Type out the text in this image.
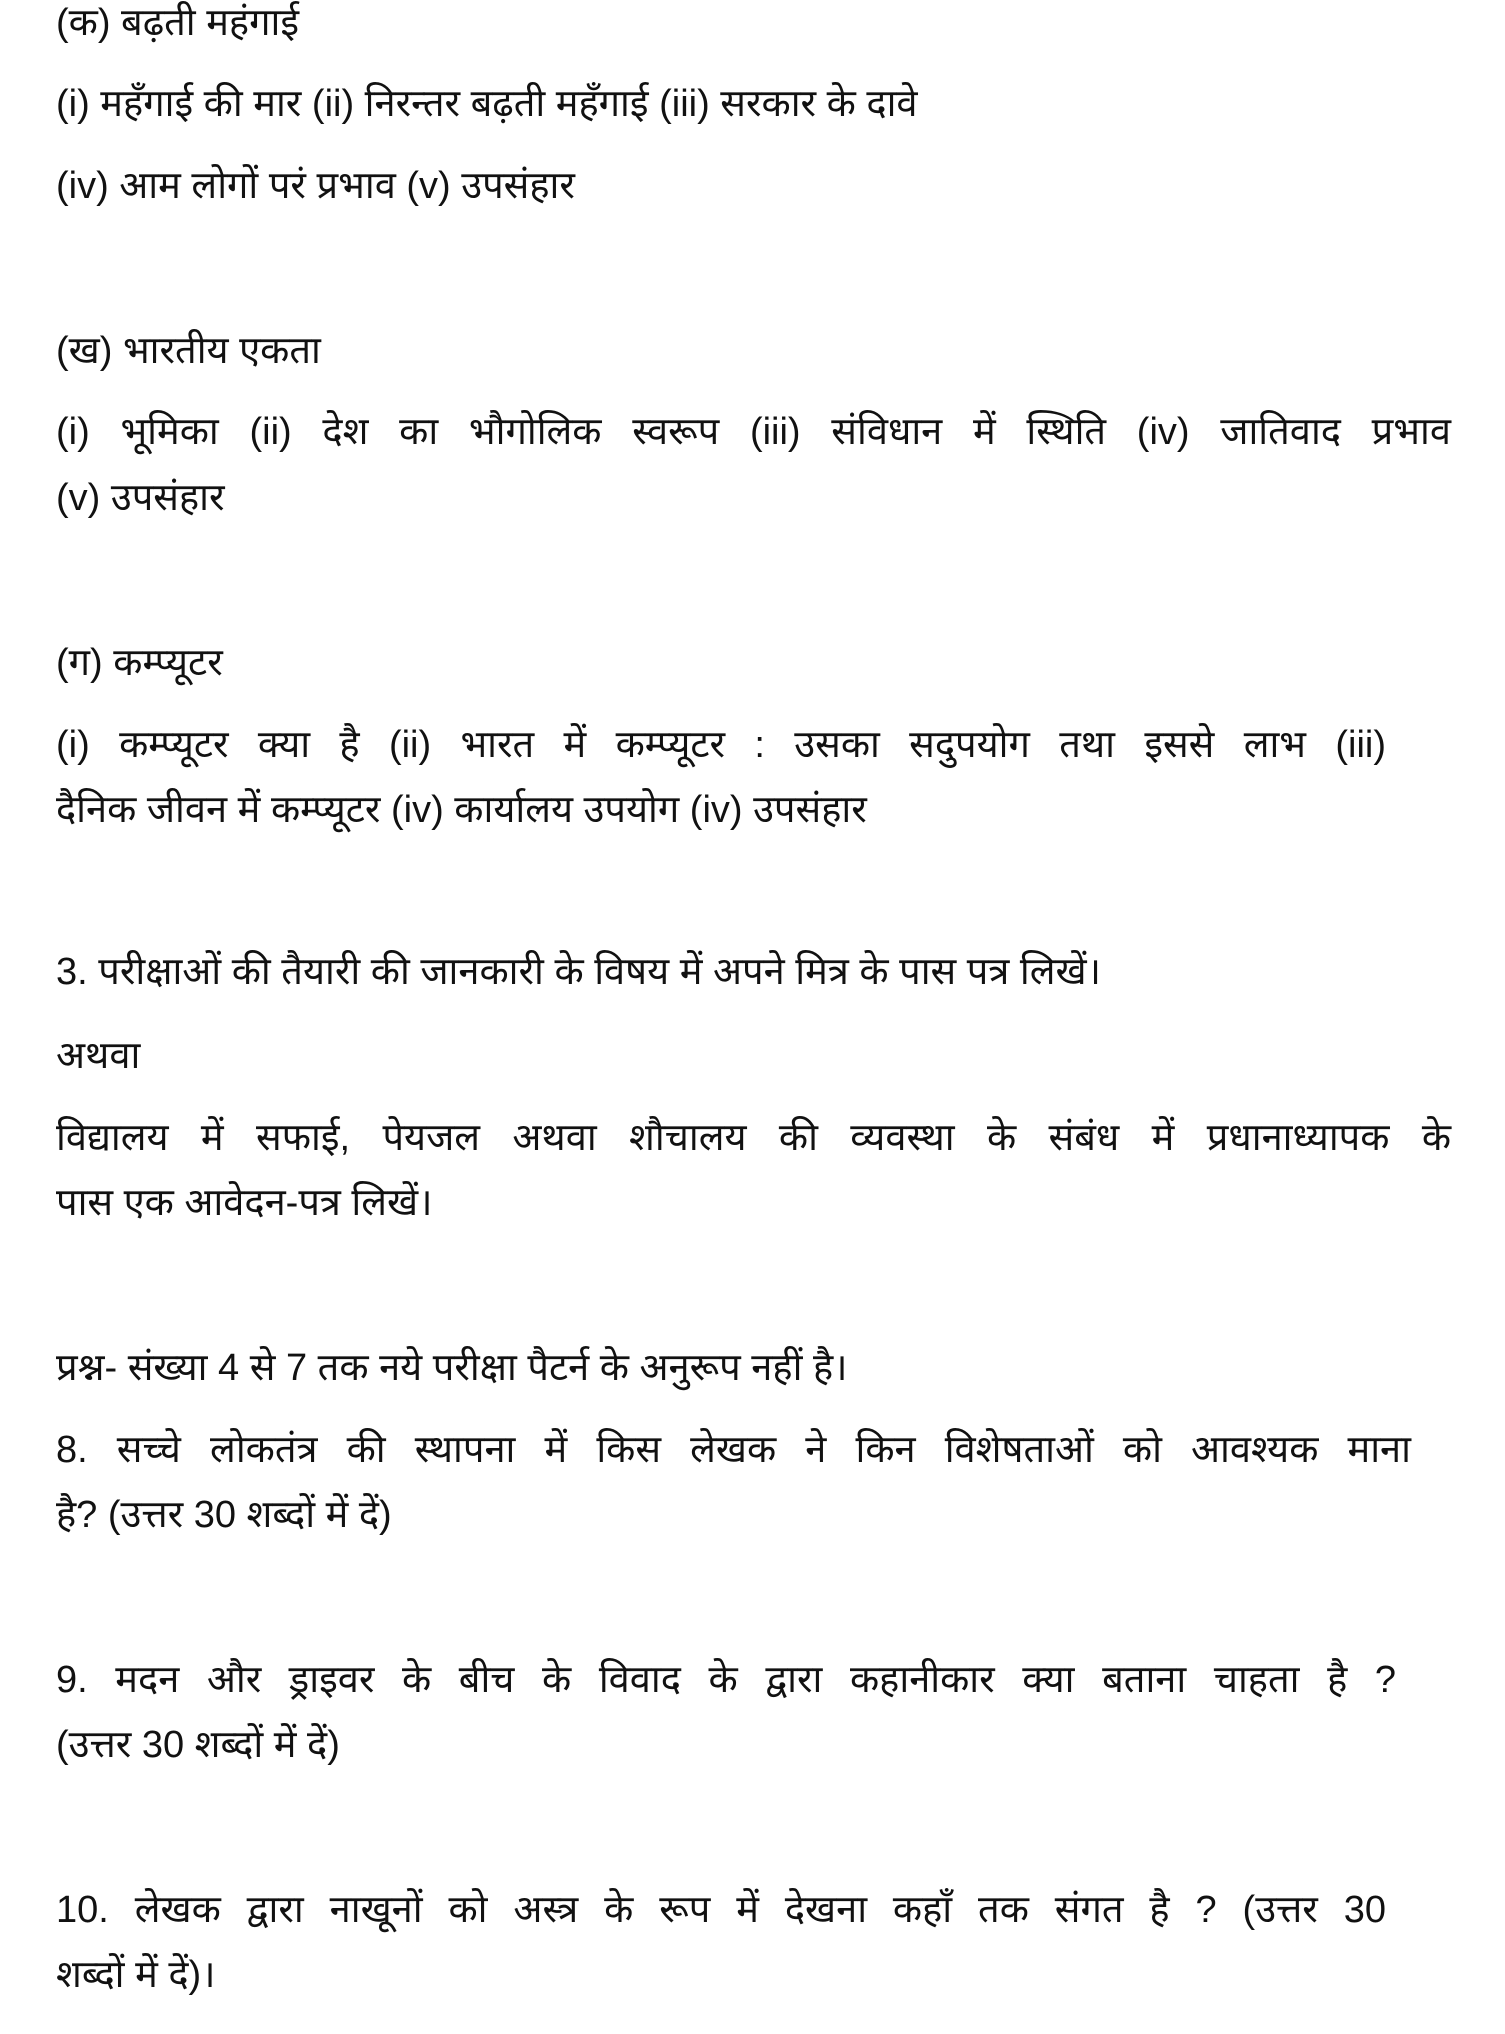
(क) बढ़ती महंगाई
(i) महँगाई की मार (ii) निरन्तर बढ़ती महँगाई (iii) सरकार के दावे
(iv) आम लोगों परं प्रभाव (v) उपसंहार
(ख) भारतीय एकता
(i) भूमिका (ii) देश का भौगोलिक स्वरूप (iii) संविधान में स्थिति (iv) जातिवाद प्रभाव
(v) उपसंहार
(ग) कम्प्यूटर
(i) कम्प्यूटर क्या है (ii) भारत में कम्प्यूटर : उसका सदुपयोग तथा इससे लाभ (iii)
दैनिक जीवन में कम्प्यूटर (iv) कार्यालय उपयोग (iv) उपसंहार
3. परीक्षाओं की तैयारी की जानकारी के विषय में अपने मित्र के पास पत्र लिखें।
अथवा
विद्यालय में सफाई, पेयजल अथवा शौचालय की व्यवस्था के संबंध में प्रधानाध्यापक के
पास एक आवेदन-पत्र लिखें।
प्रश्न- संख्या 4 से 7 तक नये परीक्षा पैटर्न के अनुरूप नहीं है।
8. सच्चे लोकतंत्र की स्थापना में किस लेखक ने किन विशेषताओं को आवश्यक माना
है? (उत्तर 30 शब्दों में दें)
9. मदन और ड्राइवर के बीच के विवाद के द्वारा कहानीकार क्या बताना चाहता है ?
(उत्तर 30 शब्दों में दें)
10. लेखक द्वारा नाखूनों को अस्त्र के रूप में देखना कहाँ तक संगत है ? (उत्तर 30
शब्दों में दें)।
